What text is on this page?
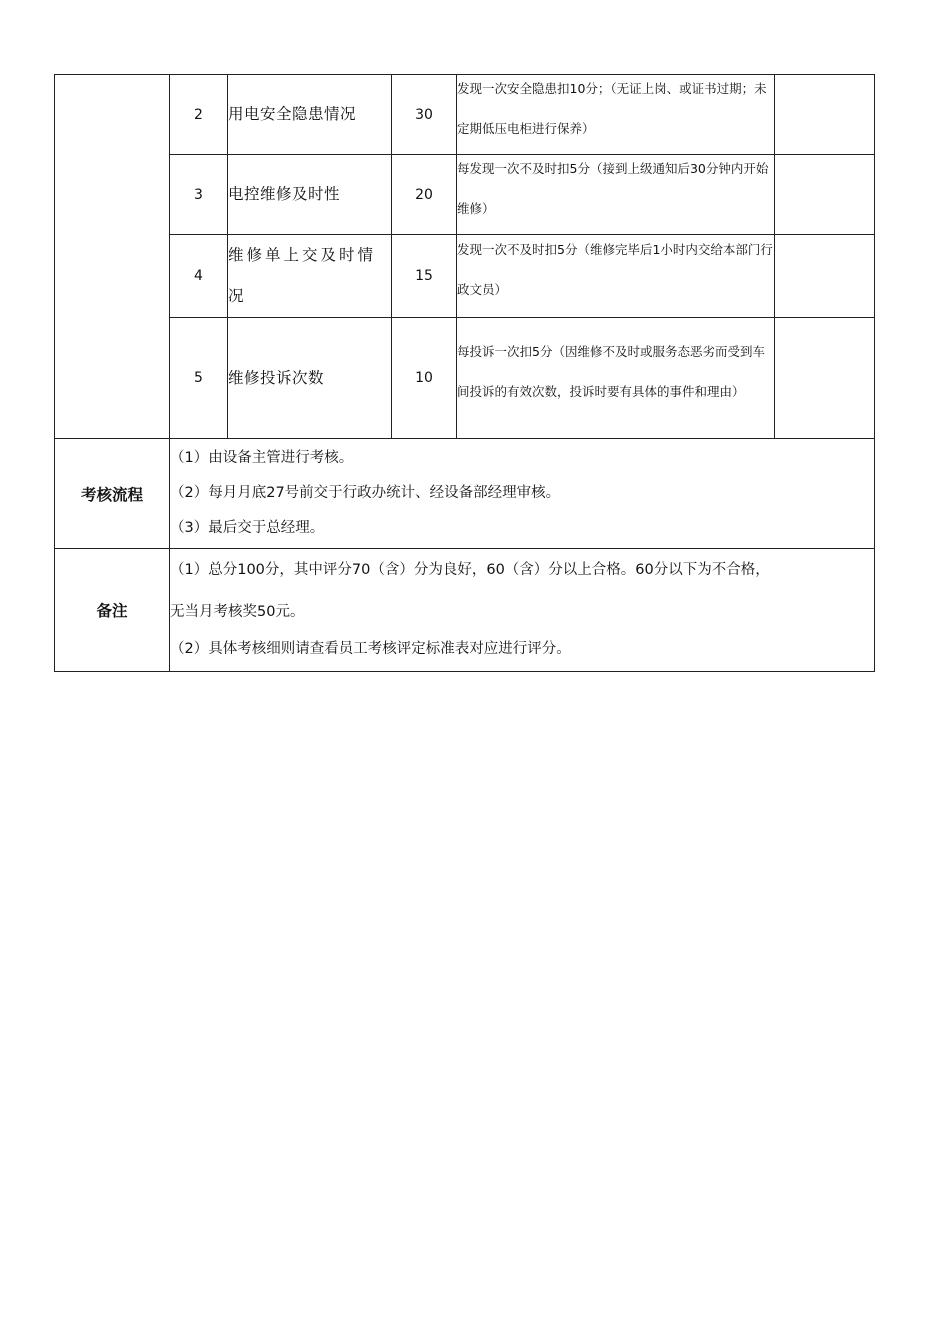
	2	用电安全隐患情况	30	发现一次安全隐患扣10分；（无证上岗、或证书过期；未定期低压电柜进行保养）	

	3	电控维修及时性	20	每发现一次不及时扣5分（接到上级通知后30分钟内开始维修）	

	4	维修单上交及时情况	15	发现一次不及时扣5分（维修完毕后1小时内交给本部门行政文员）	

	5	维修投诉次数	10	每投诉一次扣5分（因维修不及时或服务态恶劣而受到车间投诉的有效次数，投诉时要有具体的事件和理由）	

考核流程	（1）由设备主管进行考核。
（2）每月月底27号前交于行政办统计、经设备部经理审核。
（3）最后交于总经理。				

备注	（1）总分100分，其中评分70（含）分为良好，60（含）分以上合格。60分以下为不合格，
无当月考核奖50元。
（2）具体考核细则请查看员工考核评定标准表对应进行评分。				
